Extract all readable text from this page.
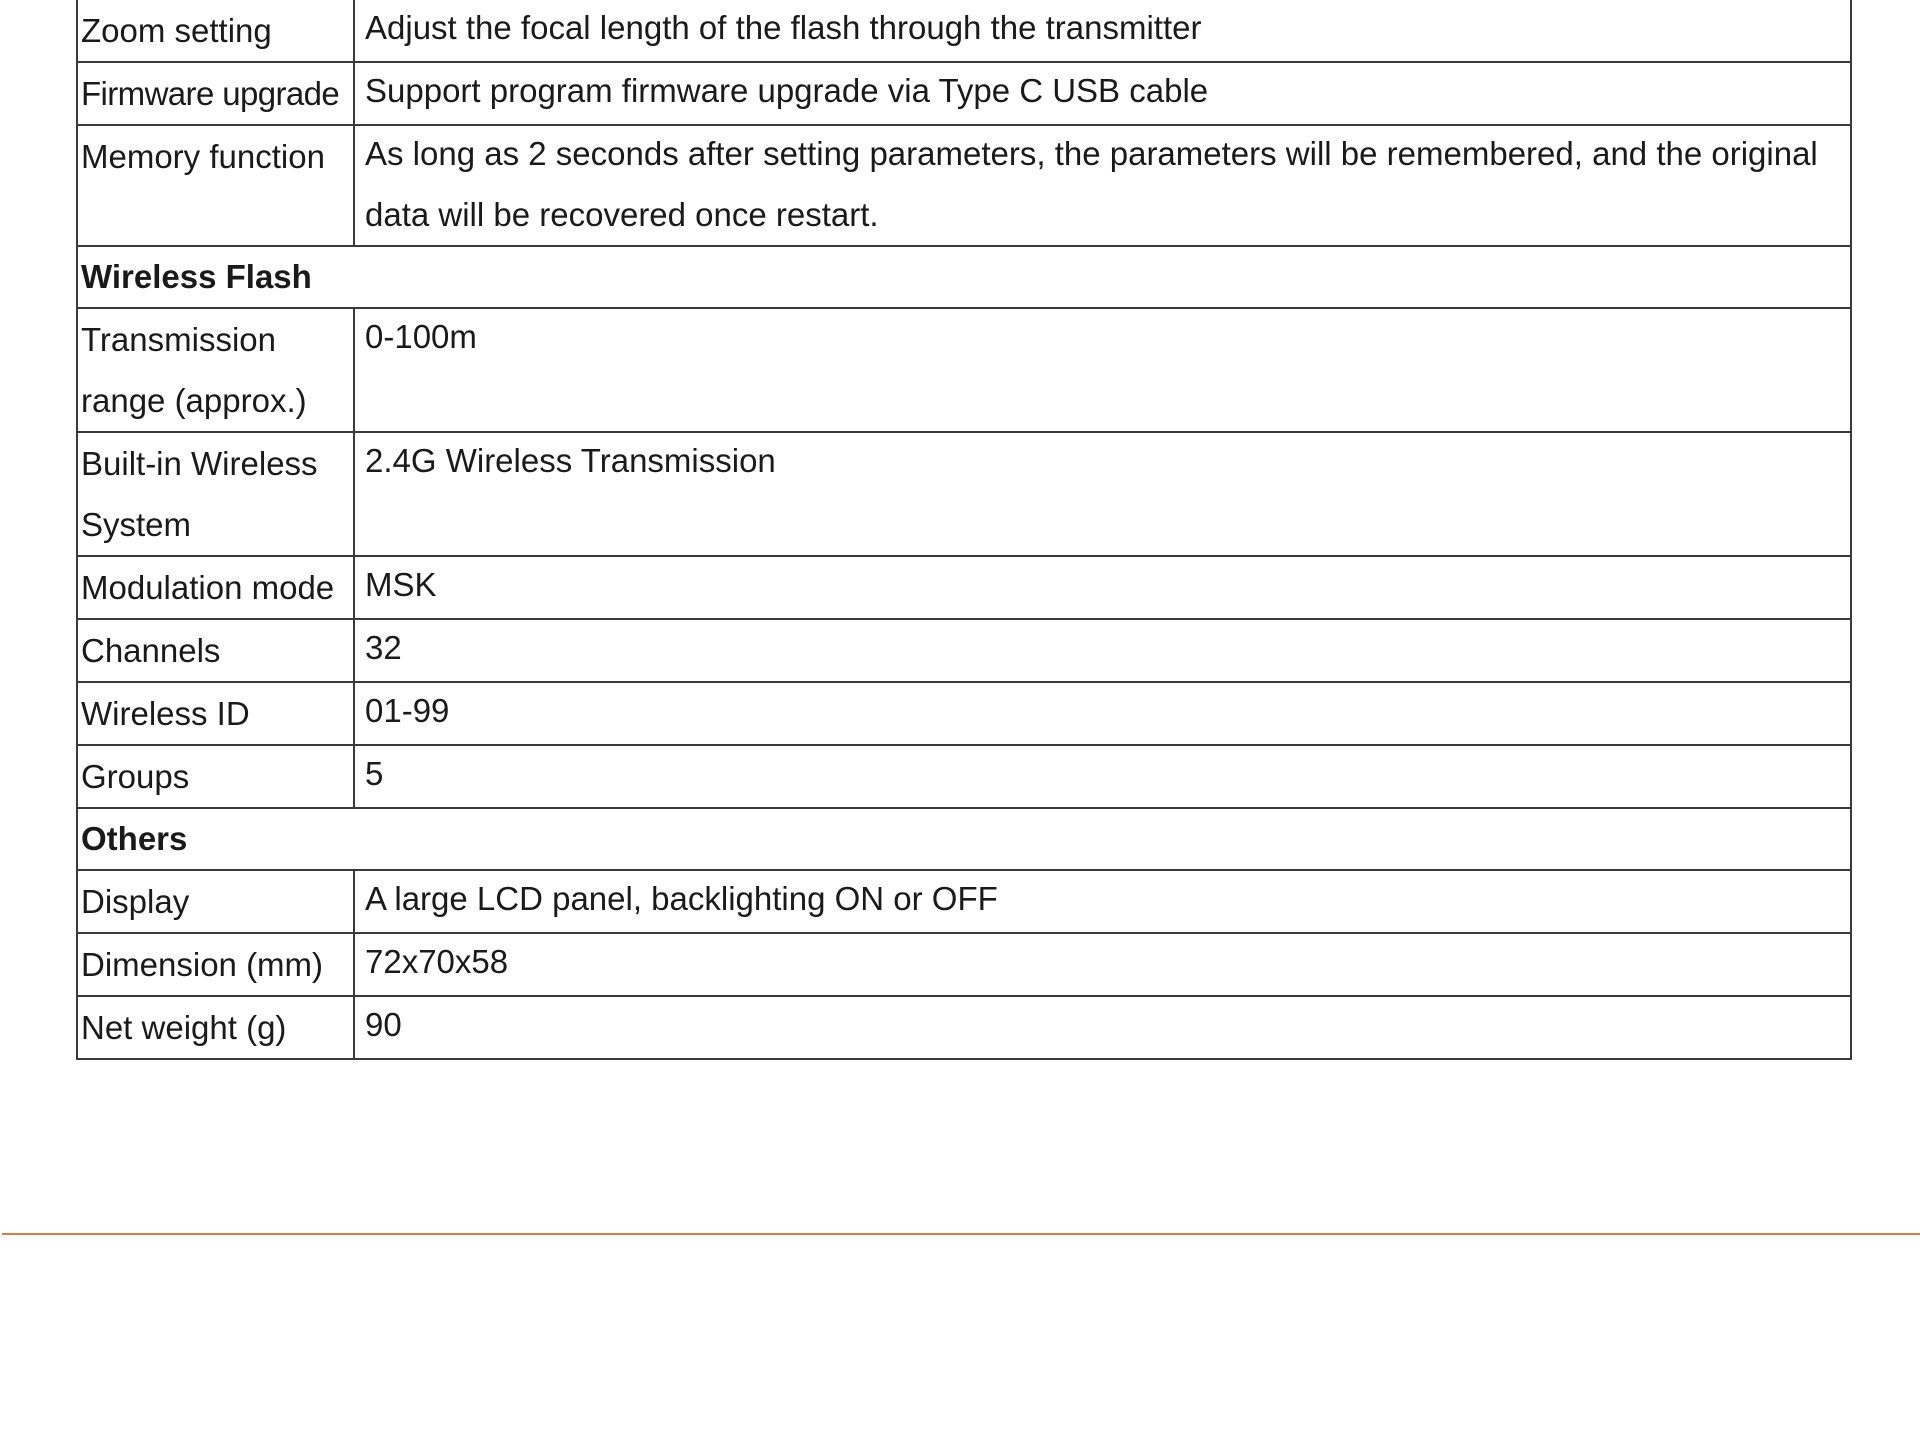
Zoom setting	Adjust the focal length of the flash through the transmitter

Firmware upgrade	Support program firmware upgrade via Type C USB cable

Memory function	As long as 2 seconds after setting parameters, the parameters will be remembered, and the original data will be recovered once restart.

Wireless Flash	
Transmission range (approx.)	0-100m

Built-in Wireless System	2.4G Wireless Transmission

Modulation mode	MSK

Channels	32

Wireless ID	01-99

Groups	5

Others	
Display	A large LCD panel, backlighting ON or OFF

Dimension (mm)	72x70x58

Net weight (g)	90
